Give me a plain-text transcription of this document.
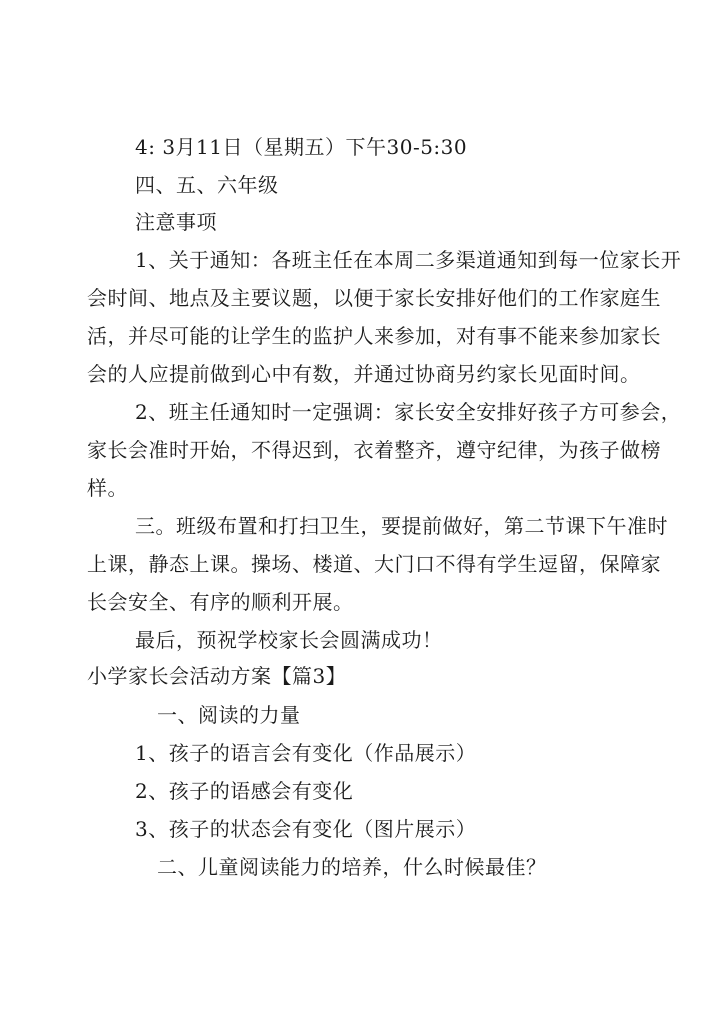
4: 3月11日（星期五）下午30-5:30
四、五、六年级
注意事项
1、关于通知：各班主任在本周二多渠道通知到每一位家长开
会时间、地点及主要议题，以便于家长安排好他们的工作家庭生
活，并尽可能的让学生的监护人来参加，对有事不能来参加家长
会的人应提前做到心中有数，并通过协商另约家长见面时间。
2、班主任通知时一定强调：家长安全安排好孩子方可参会，
家长会准时开始，不得迟到，衣着整齐，遵守纪律，为孩子做榜
样。
三。班级布置和打扫卫生，要提前做好，第二节课下午准时
上课，静态上课。操场、楼道、大门口不得有学生逗留，保障家
长会安全、有序的顺利开展。
最后，预祝学校家长会圆满成功！
小学家长会活动方案【篇3】
一、阅读的力量
1、孩子的语言会有变化（作品展示）
2、孩子的语感会有变化
3、孩子的状态会有变化（图片展示）
二、儿童阅读能力的培养，什么时候最佳？
